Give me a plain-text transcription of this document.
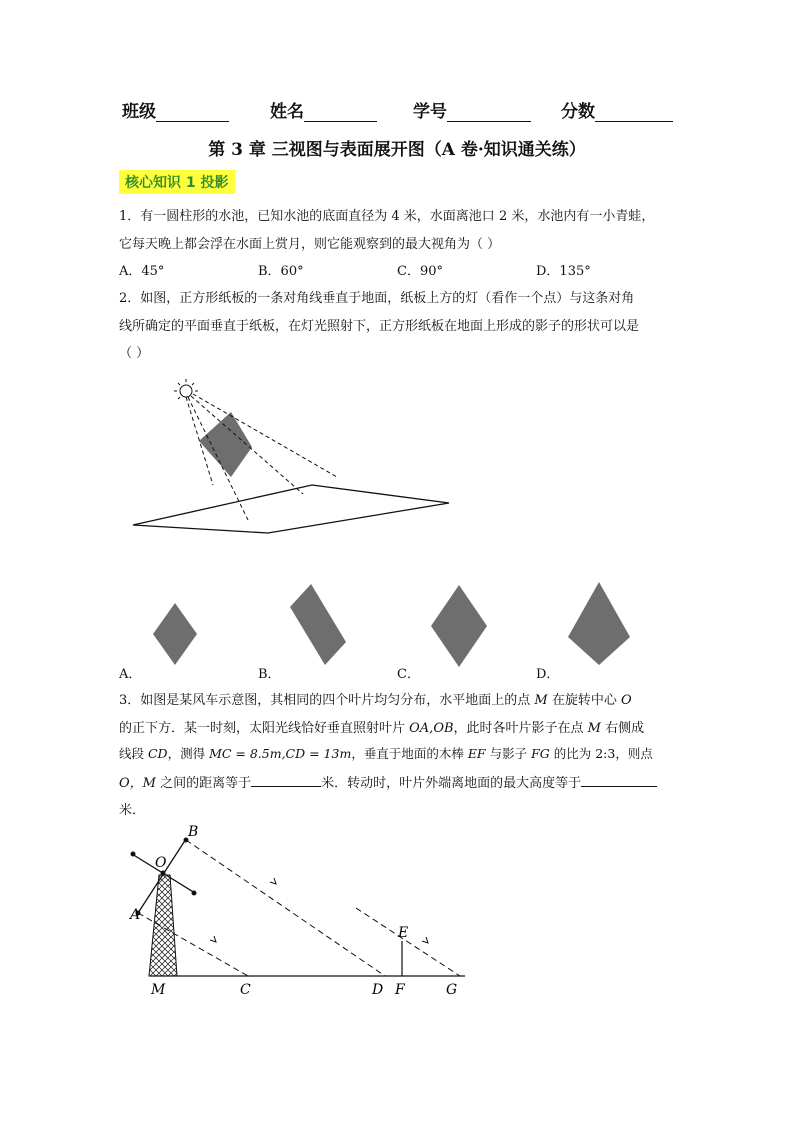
班级	姓名	学号	分数
第 3 章 三视图与表面展开图（A 卷·知识通关练）
核心知识 1 投影
1．有一圆柱形的水池，已知水池的底面直径为 4 米，水面离池口 2 米，水池内有一小青蛙，
它每天晚上都会浮在水面上赏月，则它能观察到的最大视角为（ ）
A．45°	B．60°	C．90°	D．135°
2．如图，正方形纸板的一条对角线垂直于地面，纸板上方的灯（看作一个点）与这条对角
线所确定的平面垂直于纸板，在灯光照射下，正方形纸板在地面上形成的影子的形状可以是
（ ）
A．	B．	C．	D．
3．如图是某风车示意图，其相同的四个叶片均匀分布，水平地面上的点 M 在旋转中心 O
的正下方．某一时刻，太阳光线恰好垂直照射叶片 OA,OB，此时各叶片影子在点 M 右侧成
线段 CD，测得 MC = 8.5m,CD = 13m，垂直于地面的木棒 EF 与影子 FG 的比为 2:3，则点
O，M 之间的距离等于	米．转动时，叶片外端离地面的最大高度等于
米．
B
O
A
E
M	C	D F	G
